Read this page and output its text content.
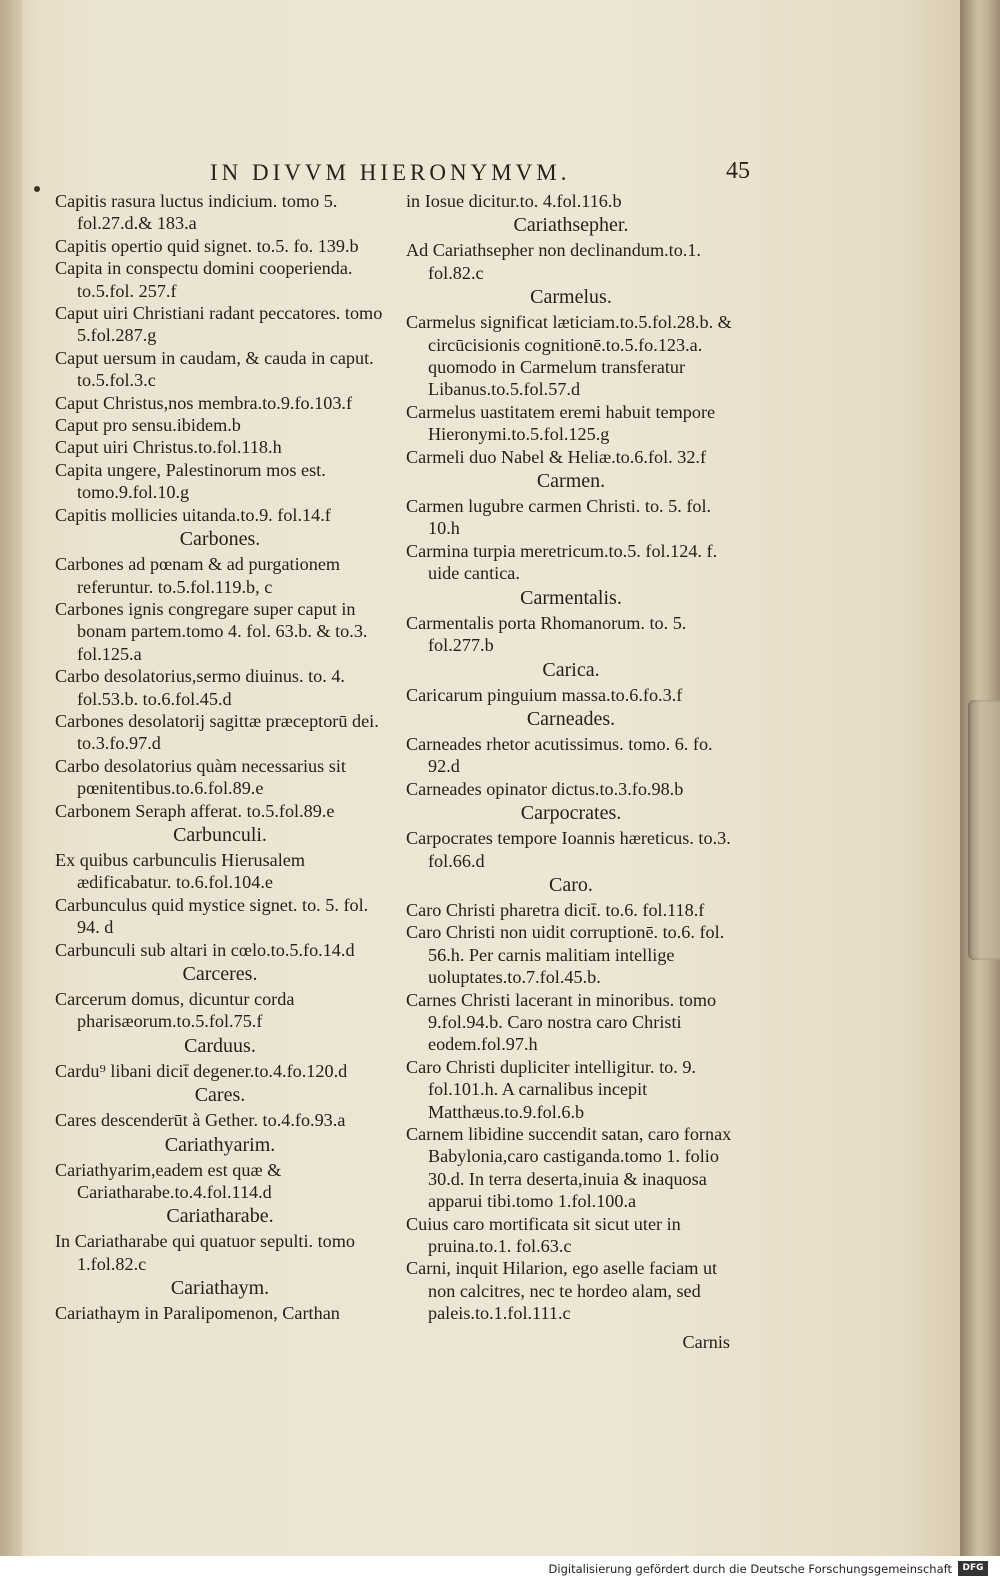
IN DIVVM HIERONYMVM.	45
Capitis rasura luctus indicium. tomo 5. fol.27.d.& 183.a
Capitis opertio quid signet. to.5. fo. 139.b
Capita in conspectu domini cooperienda. to.5.fol. 257.f
Caput uiri Christiani radant peccatores. tomo 5.fol.287.g
Caput uersum in caudam, & cauda in caput. to.5.fol.3.c
Caput Christus,nos membra.to.9.fo.103.f
Caput pro sensu.ibidem.b
Caput uiri Christus.to.fol.118.h
Capita ungere, Palestinorum mos est. tomo.9.fol.10.g
Capitis mollicies uitanda.to.9. fol.14.f
Carbones.
Carbones ad pœnam & ad purgationem referuntur. to.5.fol.119.b, c
Carbones ignis congregare super caput in bonam partem.tomo 4. fol. 63.b. & to.3. fol.125.a
Carbo desolatorius,sermo diuinus. to. 4. fol.53.b. to.6.fol.45.d
Carbones desolatorij sagittæ præceptorū dei. to.3.fo.97.d
Carbo desolatorius quàm necessarius sit pœnitentibus.to.6.fol.89.e
Carbonem Seraph afferat. to.5.fol.89.e
Carbunculi.
Ex quibus carbunculis Hierusalem ædificabatur. to.6.fol.104.e
Carbunculus quid mystice signet. to. 5. fol. 94. d
Carbunculi sub altari in cœlo.to.5.fo.14.d
Carceres.
Carcerum domus, dicuntur corda pharisæorum.to.5.fol.75.f
Carduus.
Cardu⁹ libani dicit̄ degener.to.4.fo.120.d
Cares.
Cares descenderūt à Gether. to.4.fo.93.a
Cariathyarim.
Cariathyarim,eadem est quæ & Cariatharabe.to.4.fol.114.d
Cariatharabe.
In Cariatharabe qui quatuor sepulti. tomo 1.fol.82.c
Cariathaym.
Cariathaym in Paralipomenon, Carthan
in Iosue dicitur.to. 4.fol.116.b
Cariathsepher.
Ad Cariathsepher non declinandum.to.1. fol.82.c
Carmelus.
Carmelus significat læticiam.to.5.fol.28.b. & circūcisionis cognitionē.to.5.fo.123.a. quomodo in Carmelum transferatur Libanus.to.5.fol.57.d
Carmelus uastitatem eremi habuit tempore Hieronymi.to.5.fol.125.g
Carmeli duo Nabel & Heliæ.to.6.fol. 32.f
Carmen.
Carmen lugubre carmen Christi. to. 5. fol. 10.h
Carmina turpia meretricum.to.5. fol.124. f. uide cantica.
Carmentalis.
Carmentalis porta Rhomanorum. to. 5. fol.277.b
Carica.
Caricarum pinguium massa.to.6.fo.3.f
Carneades.
Carneades rhetor acutissimus. tomo. 6. fo. 92.d
Carneades opinator dictus.to.3.fo.98.b
Carpocrates.
Carpocrates tempore Ioannis hæreticus. to.3. fol.66.d
Caro.
Caro Christi pharetra dicit̄. to.6. fol.118.f
Caro Christi non uidit corruptionē. to.6. fol. 56.h. Per carnis malitiam intellige uoluptates.to.7.fol.45.b.
Carnes Christi lacerant in minoribus. tomo 9.fol.94.b. Caro nostra caro Christi eodem.fol.97.h
Caro Christi dupliciter intelligitur. to. 9. fol.101.h. A carnalibus incepit Matthæus.to.9.fol.6.b
Carnem libidine succendit satan, caro fornax Babylonia,caro castiganda.tomo 1. folio 30.d. In terra deserta,inuia & inaquosa apparui tibi.tomo 1.fol.100.a
Cuius caro mortificata sit sicut uter in pruina.to.1. fol.63.c
Carni, inquit Hilarion, ego aselle faciam ut non calcitres, nec te hordeo alam, sed paleis.to.1.fol.111.c
Carnis
Digitalisierung gefördert durch die Deutsche Forschungsgemeinschaft	DFG
